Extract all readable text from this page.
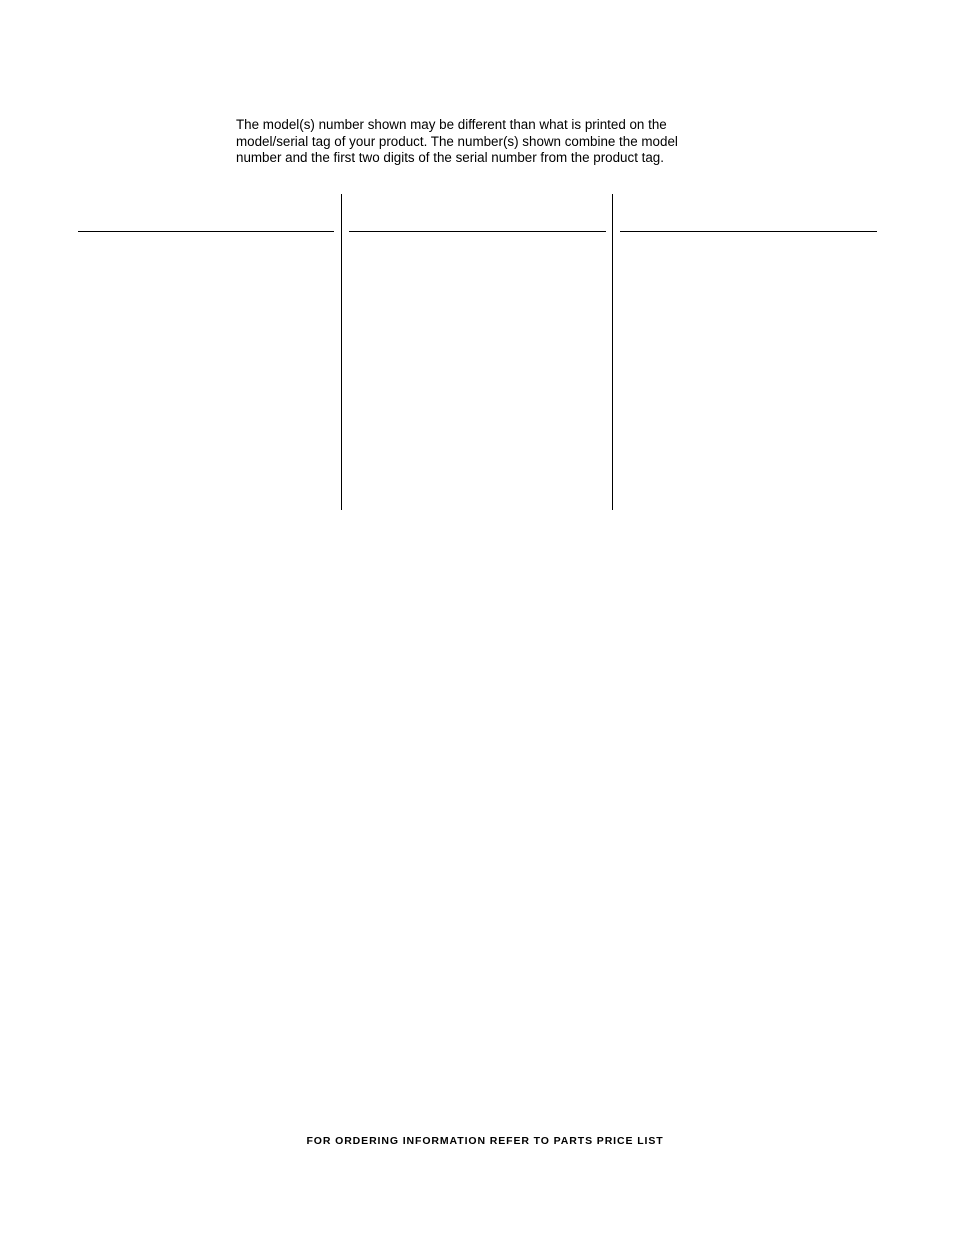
The model(s) number shown may be different than what is printed on the
model/serial tag of your product. The number(s) shown combine the model
number and the first two digits of the serial number from the product tag.
FOR ORDERING INFORMATION REFER TO PARTS PRICE LIST
